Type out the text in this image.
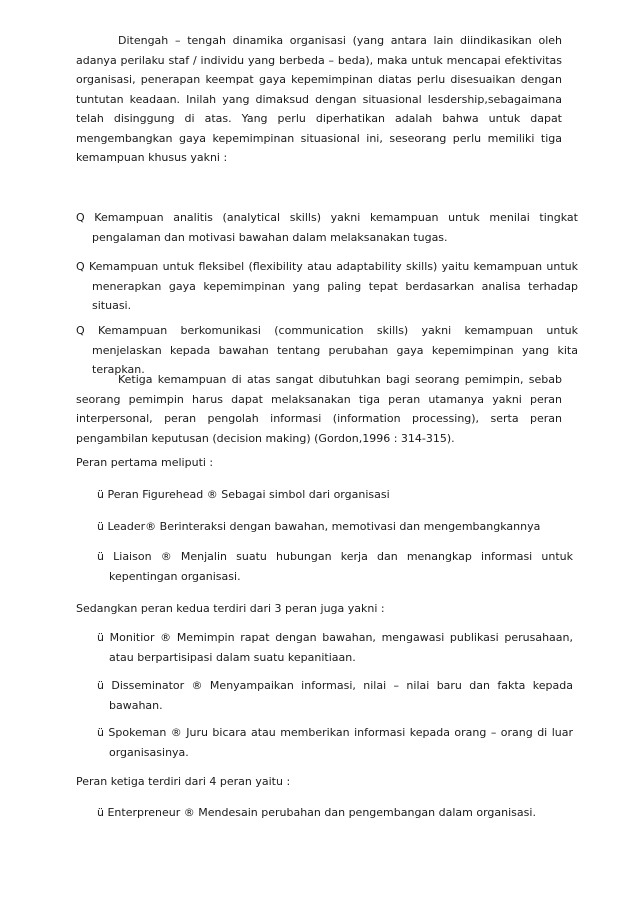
Ditengah – tengah dinamika organisasi (yang antara lain diindikasikan oleh adanya perilaku staf / individu yang berbeda – beda), maka untuk mencapai efektivitas organisasi, penerapan keempat gaya kepemimpinan diatas perlu disesuaikan dengan tuntutan keadaan. Inilah yang dimaksud dengan situasional lesdership,sebagaimana telah disinggung di atas. Yang perlu diperhatikan adalah bahwa untuk dapat mengembangkan gaya kepemimpinan situasional ini, seseorang perlu memiliki tiga kemampuan khusus yakni :

Q Kemampuan analitis (analytical skills) yakni kemampuan untuk menilai tingkat pengalaman dan motivasi bawahan dalam melaksanakan tugas.

Q Kemampuan untuk fleksibel (flexibility atau adaptability skills) yaitu kemampuan untuk menerapkan gaya kepemimpinan yang paling tepat berdasarkan analisa terhadap situasi.

Q Kemampuan berkomunikasi (communication skills) yakni kemampuan untuk menjelaskan kepada bawahan tentang perubahan gaya kepemimpinan yang kita terapkan.

Ketiga kemampuan di atas sangat dibutuhkan bagi seorang pemimpin, sebab seorang pemimpin harus dapat melaksanakan tiga peran utamanya yakni peran interpersonal, peran pengolah informasi (information processing), serta peran pengambilan keputusan (decision making) (Gordon,1996 : 314-315).

Peran pertama meliputi :

ü Peran Figurehead ® Sebagai simbol dari organisasi

ü Leader® Berinteraksi dengan bawahan, memotivasi dan mengembangkannya

ü Liaison ® Menjalin suatu hubungan kerja dan menangkap informasi untuk kepentingan organisasi.

Sedangkan peran kedua terdiri dari 3 peran juga yakni :

ü Monitior ® Memimpin rapat dengan bawahan, mengawasi publikasi perusahaan, atau berpartisipasi dalam suatu kepanitiaan.

ü Disseminator ® Menyampaikan informasi, nilai – nilai baru dan fakta kepada bawahan.

ü Spokeman ® Juru bicara atau memberikan informasi kepada orang – orang di luar organisasinya.

Peran ketiga terdiri dari 4 peran yaitu :

ü Enterpreneur ® Mendesain perubahan dan pengembangan dalam organisasi.
